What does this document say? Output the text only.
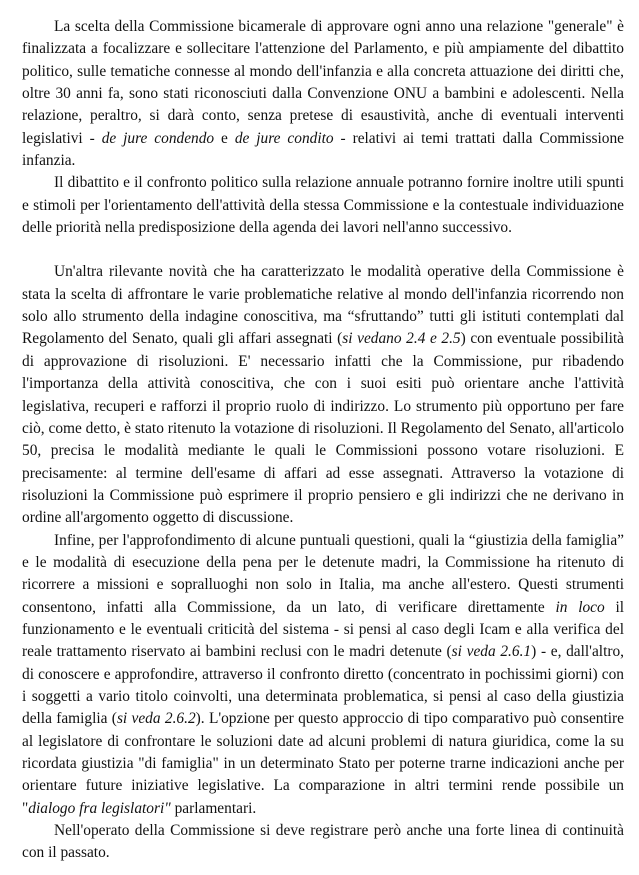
La scelta della Commissione bicamerale di approvare ogni anno una relazione "generale" è finalizzata a focalizzare e sollecitare l'attenzione del Parlamento, e più ampiamente del dibattito politico, sulle tematiche connesse al mondo dell'infanzia e alla concreta attuazione dei diritti che, oltre 30 anni fa, sono stati riconosciuti dalla Convenzione ONU a bambini e adolescenti. Nella relazione, peraltro, si darà conto, senza pretese di esaustività, anche di eventuali interventi legislativi - de jure condendo e de jure condito - relativi ai temi trattati dalla Commissione infanzia.

Il dibattito e il confronto politico sulla relazione annuale potranno fornire inoltre utili spunti e stimoli per l'orientamento dell'attività della stessa Commissione e la contestuale individuazione delle priorità nella predisposizione della agenda dei lavori nell'anno successivo.

Un'altra rilevante novità che ha caratterizzato le modalità operative della Commissione è stata la scelta di affrontare le varie problematiche relative al mondo dell'infanzia ricorrendo non solo allo strumento della indagine conoscitiva, ma “sfruttando” tutti gli istituti contemplati dal Regolamento del Senato, quali gli affari assegnati (si vedano 2.4 e 2.5) con eventuale possibilità di approvazione di risoluzioni. E' necessario infatti che la Commissione, pur ribadendo l'importanza della attività conoscitiva, che con i suoi esiti può orientare anche l'attività legislativa, recuperi e rafforzi il proprio ruolo di indirizzo. Lo strumento più opportuno per fare ciò, come detto, è stato ritenuto la votazione di risoluzioni. Il Regolamento del Senato, all'articolo 50, precisa le modalità mediante le quali le Commissioni possono votare risoluzioni. E precisamente: al termine dell'esame di affari ad esse assegnati. Attraverso la votazione di risoluzioni la Commissione può esprimere il proprio pensiero e gli indirizzi che ne derivano in ordine all'argomento oggetto di discussione.

Infine, per l'approfondimento di alcune puntuali questioni, quali la “giustizia della famiglia” e le modalità di esecuzione della pena per le detenute madri, la Commissione ha ritenuto di ricorrere a missioni e sopralluoghi non solo in Italia, ma anche all'estero. Questi strumenti consentono, infatti alla Commissione, da un lato, di verificare direttamente in loco il funzionamento e le eventuali criticità del sistema - si pensi al caso degli Icam e alla verifica del reale trattamento riservato ai bambini reclusi con le madri detenute (si veda 2.6.1) - e, dall'altro, di conoscere e approfondire, attraverso il confronto diretto (concentrato in pochissimi giorni) con i soggetti a vario titolo coinvolti, una determinata problematica, si pensi al caso della giustizia della famiglia (si veda 2.6.2). L'opzione per questo approccio di tipo comparativo può consentire al legislatore di confrontare le soluzioni date ad alcuni problemi di natura giuridica, come la su ricordata giustizia "di famiglia" in un determinato Stato per poterne trarne indicazioni anche per orientare future iniziative legislative. La comparazione in altri termini rende possibile un "dialogo fra legislatori" parlamentari.

Nell'operato della Commissione si deve registrare però anche una forte linea di continuità con il passato.
